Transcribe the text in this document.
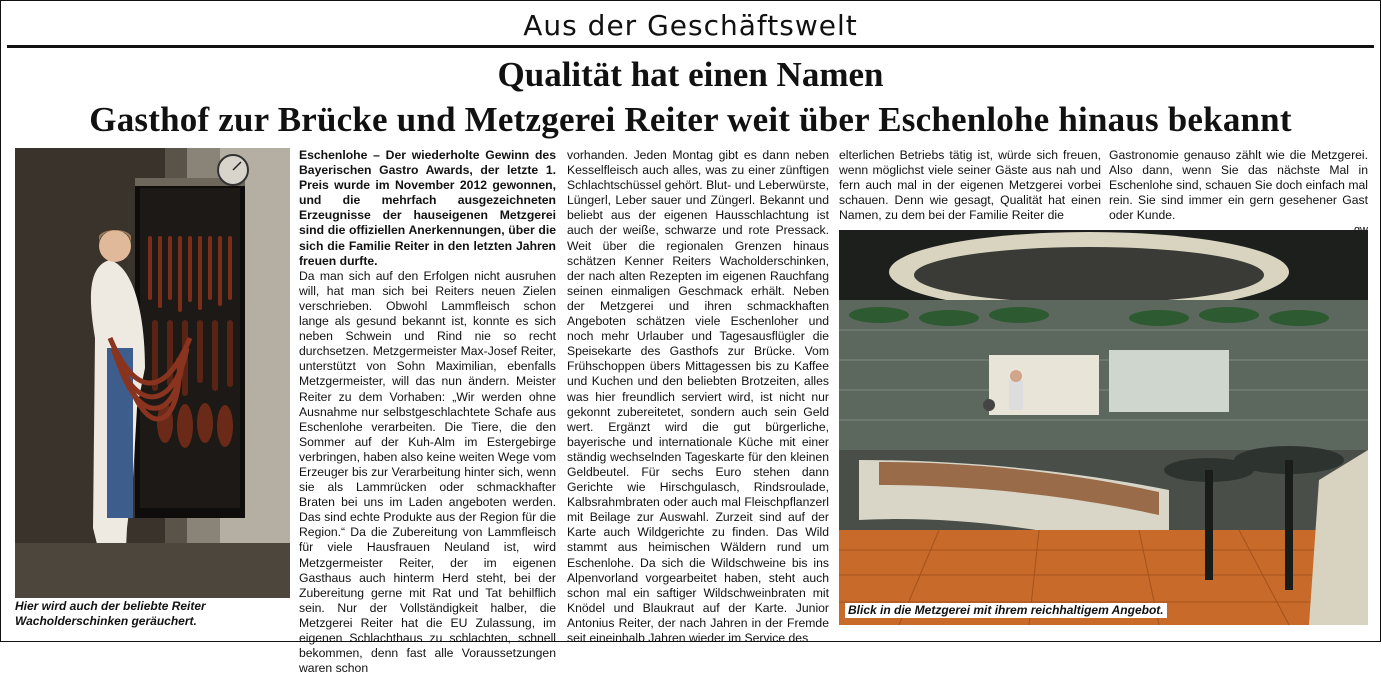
Aus der Geschäftswelt
Qualität hat einen Namen
Gasthof zur Brücke und Metzgerei Reiter weit über Eschenlohe hinaus bekannt
Hier wird auch der beliebte Reiter Wacholderschinken geräuchert.
Eschenlohe – Der wiederholte Gewinn des Bayerischen Gastro Awards, der letzte 1. Preis wurde im November 2012 gewonnen, und die mehrfach ausgezeichneten Erzeugnisse der hauseigenen Metzgerei sind die offiziellen Anerkennungen, über die sich die Familie Reiter in den letzten Jahren freuen durfte.
Da man sich auf den Erfolgen nicht ausruhen will, hat man sich bei Reiters neuen Zielen verschrieben. Obwohl Lammfleisch schon lange als gesund bekannt ist, konnte es sich neben Schwein und Rind nie so recht durchsetzen. Metzgermeister Max-Josef Reiter, unterstützt von Sohn Maximilian, ebenfalls Metzgermeister, will das nun ändern. Meister Reiter zu dem Vorhaben: „Wir werden ohne Ausnahme nur selbstgeschlachtete Schafe aus Eschenlohe verarbeiten. Die Tiere, die den Sommer auf der Kuh-Alm im Estergebirge verbringen, haben also keine weiten Wege vom Erzeuger bis zur Verarbeitung hinter sich, wenn sie als Lammrücken oder schmackhafter Braten bei uns im Laden angeboten werden. Das sind echte Produkte aus der Region für die Region.“ Da die Zubereitung von Lammfleisch für viele Hausfrauen Neuland ist, wird Metzgermeister Reiter, der im eigenen Gasthaus auch hinterm Herd steht, bei der Zubereitung gerne mit Rat und Tat behilflich sein. Nur der Vollständigkeit halber, die Metzgerei Reiter hat die EU Zulassung, im eigenen Schlachthaus zu schlachten, schnell bekommen, denn fast alle Voraussetzungen waren schon
vorhanden. Jeden Montag gibt es dann neben Kesselfleisch auch alles, was zu einer zünftigen Schlachtschüssel gehört. Blut- und Leberwürste, Lüngerl, Leber sauer und Züngerl. Bekannt und beliebt aus der eigenen Hausschlachtung ist auch der weiße, schwarze und rote Pressack. Weit über die regionalen Grenzen hinaus schätzen Kenner Reiters Wacholderschinken, der nach alten Rezepten im eigenen Rauchfang seinen einmaligen Geschmack erhält. Neben der Metzgerei und ihren schmackhaften Angeboten schätzen viele Eschenloher und noch mehr Urlauber und Tagesausflügler die Speisekarte des Gasthofs zur Brücke. Vom Frühschoppen übers Mittagessen bis zu Kaffee und Kuchen und den beliebten Brotzeiten, alles was hier freundlich serviert wird, ist nicht nur gekonnt zubereitetet, sondern auch sein Geld wert. Ergänzt wird die gut bürgerliche, bayerische und internationale Küche mit einer ständig wechselnden Tageskarte für den kleinen Geldbeutel. Für sechs Euro stehen dann Gerichte wie Hirschgulasch, Rindsroulade, Kalbsrahmbraten oder auch mal Fleischpflanzerl mit Beilage zur Auswahl. Zurzeit sind auf der Karte auch Wildgerichte zu finden. Das Wild stammt aus heimischen Wäldern rund um Eschenlohe. Da sich die Wildschweine bis ins Alpenvorland vorgearbeitet haben, steht auch schon mal ein saftiger Wildschweinbraten mit Knödel und Blaukraut auf der Karte. Junior Antonius Reiter, der nach Jahren in der Fremde seit eineinhalb Jahren wieder im Service des
elterlichen Betriebs tätig ist, würde sich freuen, wenn möglichst viele seiner Gäste aus nah und fern auch mal in der eigenen Metzgerei vorbei schauen. Denn wie gesagt, Qualität hat einen Namen, zu dem bei der Familie Reiter die
Gastronomie genauso zählt wie die Metzgerei. Also dann, wenn Sie das nächste Mal in Eschenlohe sind, schauen Sie doch einfach mal rein. Sie sind immer ein gern gesehener Gast oder Kunde.
Blick in die Metzgerei mit ihrem reichhaltigem Angebot.
